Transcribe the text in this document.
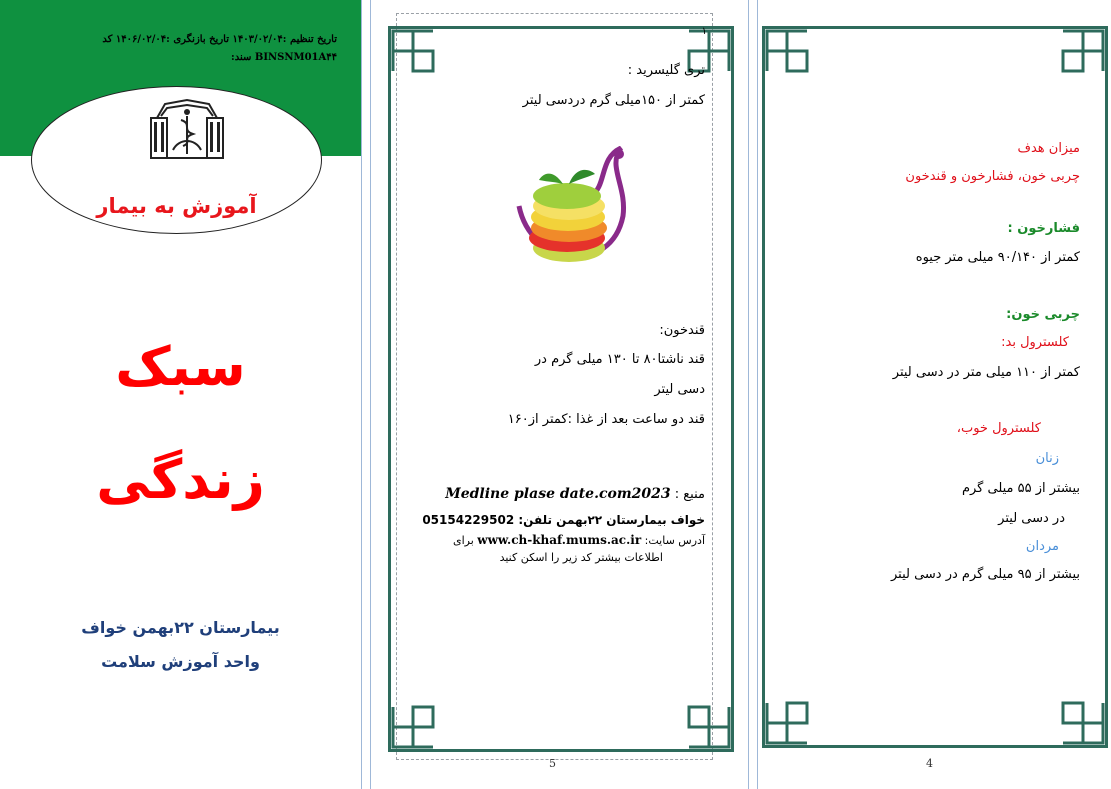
تاریخ تنظیم :۱۴۰۳/۰۲/۰۴ تاریخ بازنگری :۱۴۰۶/۰۲/۰۴ کد
BINSNM01A۴۴ سند:
آموزش به بیمار
سبک
زندگی
بیمارستان ۲۲بهمن خواف
واحد آموزش سلامت
۱
تری گلیسرید :
کمتر از ۱۵۰میلی گرم دردسی لیتر
قندخون:
قند ناشتا۸۰ تا ۱۳۰ میلی گرم در
دسی لیتر
قند دو ساعت بعد از غذا :کمتر از۱۶۰
منبع : Medline plase date.com2023
خواف بیمارستان ۲۲بهمن تلفن: 05154229502
آدرس سایت: www.ch-khaf.mums.ac.ir برای
اطلاعات بیشتر کد زیر را اسکن کنید
5
میزان هدف
چربی خون، فشارخون و قندخون
فشارخون :
کمتر از ۹۰/۱۴۰ میلی متر جیوه
چربی خون:
کلسترول بد:
کمتر از ۱۱۰ میلی متر در دسی لیتر
کلسترول خوب،
زنان
بیشتر از ۵۵ میلی گرم
در دسی لیتر
مردان
بیشتر از ۹۵ میلی گرم در دسی لیتر
4
